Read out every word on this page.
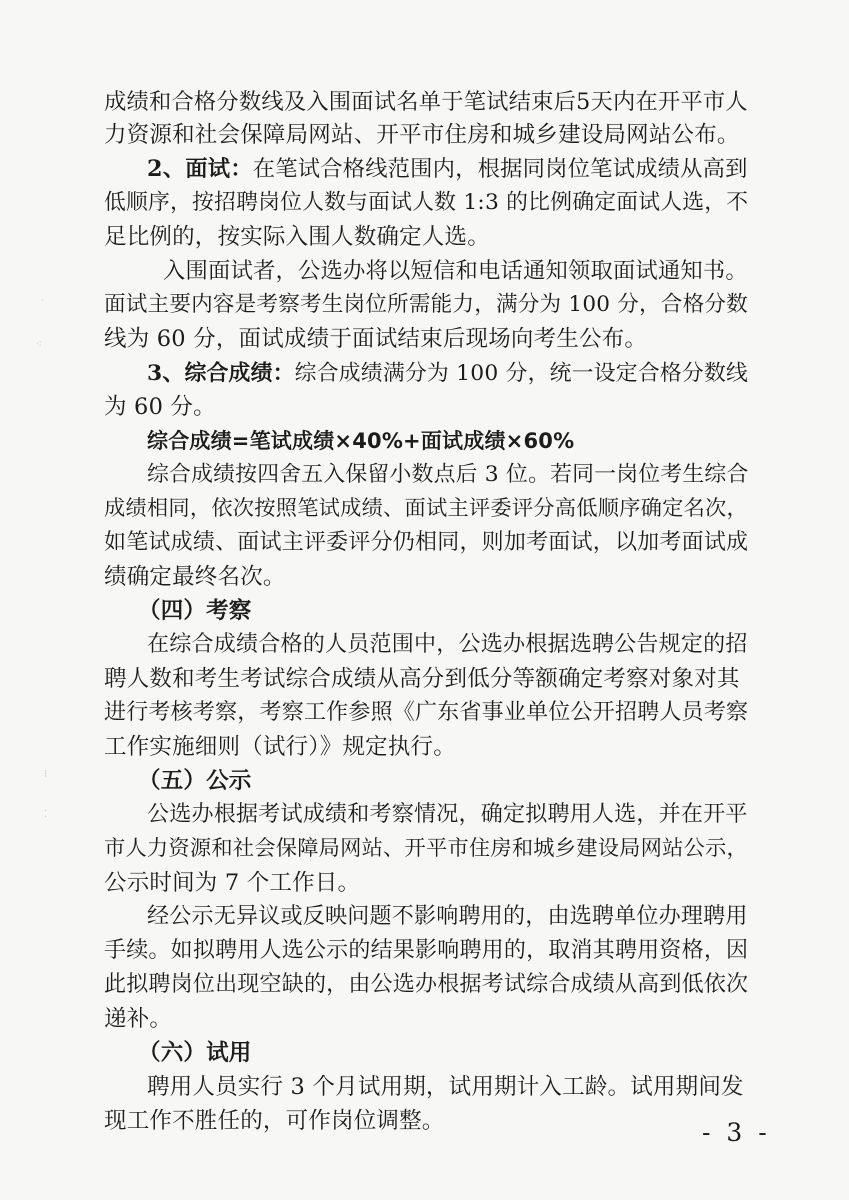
成绩和合格分数线及入围面试名单于笔试结束后5天内在开平市人
力资源和社会保障局网站、开平市住房和城乡建设局网站公布。
2、面试：在笔试合格线范围内，根据同岗位笔试成绩从高到
低顺序，按招聘岗位人数与面试人数 1:3 的比例确定面试人选，不
足比例的，按实际入围人数确定人选。
入围面试者，公选办将以短信和电话通知领取面试通知书。
面试主要内容是考察考生岗位所需能力，满分为 100 分，合格分数
线为 60 分，面试成绩于面试结束后现场向考生公布。
3、综合成绩：综合成绩满分为 100 分，统一设定合格分数线
为 60 分。
综合成绩=笔试成绩×40%+面试成绩×60%
综合成绩按四舍五入保留小数点后 3 位。若同一岗位考生综合
成绩相同，依次按照笔试成绩、面试主评委评分高低顺序确定名次，
如笔试成绩、面试主评委评分仍相同，则加考面试，以加考面试成
绩确定最终名次。
（四）考察
在综合成绩合格的人员范围中，公选办根据选聘公告规定的招
聘人数和考生考试综合成绩从高分到低分等额确定考察对象对其
进行考核考察，考察工作参照《广东省事业单位公开招聘人员考察
工作实施细则（试行）》规定执行。
（五）公示
公选办根据考试成绩和考察情况，确定拟聘用人选，并在开平
市人力资源和社会保障局网站、开平市住房和城乡建设局网站公示，
公示时间为 7 个工作日。
经公示无异议或反映问题不影响聘用的，由选聘单位办理聘用
手续。如拟聘用人选公示的结果影响聘用的，取消其聘用资格，因
此拟聘岗位出现空缺的，由公选办根据考试综合成绩从高到低依次
递补。
（六）试用
聘用人员实行 3 个月试用期，试用期计入工龄。试用期间发
现工作不胜任的，可作岗位调整。	- 3 -
˙
⁖
⁝
⁚
